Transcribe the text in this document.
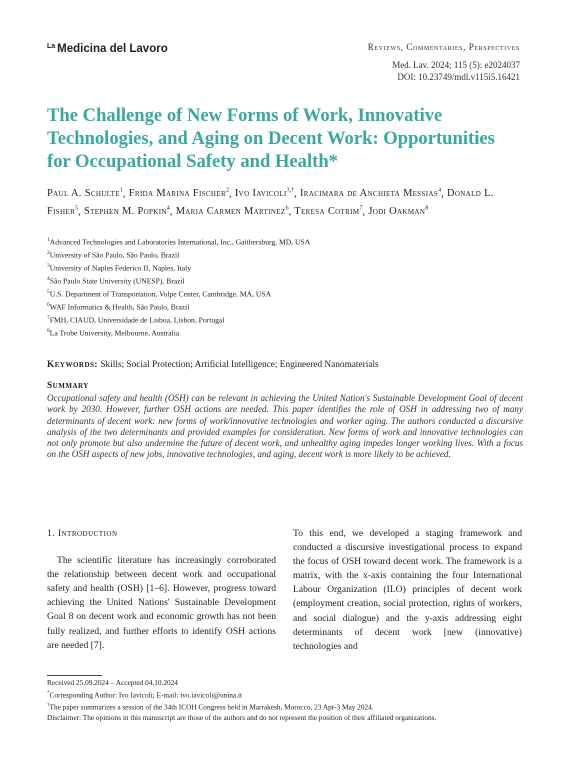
$^{La}$ Medicina del Lavoro	Reviews, Commentaries, Perspectives
Med. Lav. 2024; 115 (5): e2024037
DOI: 10.23749/mdl.v115i5.16421
The Challenge of New Forms of Work, Innovative Technologies, and Aging on Decent Work: Opportunities for Occupational Safety and Health*
Paul A. Schulte$^1$, Frida Marina Fischer$^2$, Ivo Iavicoli$^{3,\dagger}$, Iracimara de Anchieta Messias$^4$, Donald L. Fisher$^5$, Stephen M. Popkin$^4$, Maria Carmen Martinez$^6$, Teresa Cotrim$^7$, Jodi Oakman$^8$
$^1$Advanced Technologies and Laboratories International, Inc., Gaithersburg, MD, USA
$^2$University of São Paulo, São Paulo, Brazil
$^3$University of Naples Federico II, Naples, Italy
$^4$São Paulo State University (UNESP), Brazil
$^5$U.S. Department of Transportation, Volpe Center, Cambridge, MA, USA
$^6$WAF Informatics & Health, São Paulo, Brazil
$^7$FMH, CIAUD, Universidade de Lisboa, Lisbon, Portugal
$^8$La Trobe University, Melbourne, Australia
Keywords: Skills; Social Protection; Artificial Intelligence; Engineered Nanomaterials
Summary

Occupational safety and health (OSH) can be relevant in achieving the United Nation's Sustainable Development Goal of decent work by 2030. However, further OSH actions are needed. This paper identifies the role of OSH in addressing two of many determinants of decent work: new forms of work/innovative technologies and worker aging. The authors conducted a discursive analysis of the two determinants and provided examples for consideration. New forms of work and innovative technologies can not only promote but also undermine the future of decent work, and unhealthy aging impedes longer working lives. With a focus on the OSH aspects of new jobs, innovative technologies, and aging, decent work is more likely to be achieved.

1. Introduction

The scientific literature has increasingly corroborated the relationship between decent work and occupational safety and health (OSH) [1–6]. However, progress toward achieving the United Nations' Sustainable Development Goal 8 on decent work and economic growth has not been fully realized, and further efforts to identify OSH actions are needed [7].

To this end, we developed a staging framework and conducted a discursive investigational process to expand the focus of OSH toward decent work. The framework is a matrix, with the x-axis containing the four International Labour Organization (ILO) principles of decent work (employment creation, social protection, rights of workers, and social dialogue) and the y-axis addressing eight determinants of decent work [new (innovative) technologies and

Received 25.09.2024 – Accepted 04.10.2024
*Corresponding Author: Ivo Iavicoli; E-mail: ivo.iavicoli@unina.it
†The paper summarizes a session of the 34th ICOH Congress held in Marrakesh, Morocco, 23 Apr-3 May 2024.
Disclaimer: The opinions in this manuscript are those of the authors and do not represent the position of their affiliated organizations.
